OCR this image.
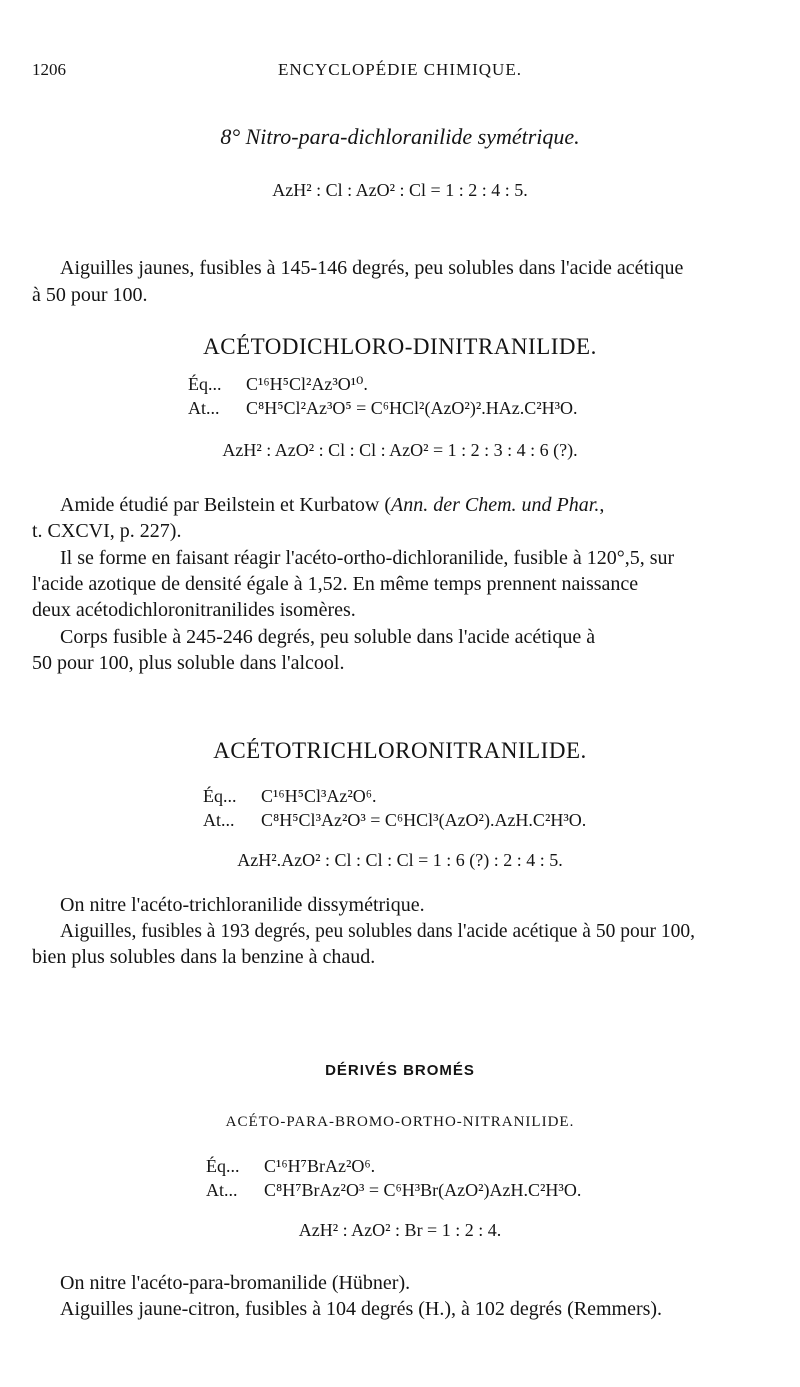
1206	ENCYCLOPÉDIE CHIMIQUE.
8° Nitro-para-dichloranilide symétrique.
AzH² : Cl : AzO² : Cl = 1 : 2 : 4 : 5.
Aiguilles jaunes, fusibles à 145-146 degrés, peu solubles dans l'acide acétique
à 50 pour 100.
ACÉTODICHLORO-DINITRANILIDE.
Éq... C¹⁶H⁵Cl²Az³O¹⁰.
At... C⁸H⁵Cl²Az³O⁵ = C⁶HCl²(AzO²)².HAz.C²H³O.
AzH² : AzO² : Cl : Cl : AzO² = 1 : 2 : 3 : 4 : 6 (?).
Amide étudié par Beilstein et Kurbatow (Ann. der Chem. und Phar.,
t. CXCVI, p. 227).
Il se forme en faisant réagir l'acéto-ortho-dichloranilide, fusible à 120°,5, sur
l'acide azotique de densité égale à 1,52. En même temps prennent naissance
deux acétodichloronitranilides isomères.
Corps fusible à 245-246 degrés, peu soluble dans l'acide acétique à
50 pour 100, plus soluble dans l'alcool.
ACÉTOTRICHLORONITRANILIDE.
Éq... C¹⁶H⁵Cl³Az²O⁶.
At... C⁸H⁵Cl³Az²O³ = C⁶HCl³(AzO²).AzH.C²H³O.
AzH².AzO² : Cl : Cl : Cl = 1 : 6 (?) : 2 : 4 : 5.
On nitre l'acéto-trichloranilide dissymétrique.
Aiguilles, fusibles à 193 degrés, peu solubles dans l'acide acétique à 50 pour 100,
bien plus solubles dans la benzine à chaud.
DÉRIVÉS BROMÉS
ACÉTO-PARA-BROMO-ORTHO-NITRANILIDE.
Éq... C¹⁶H⁷BrAz²O⁶.
At... C⁸H⁷BrAz²O³ = C⁶H³Br(AzO²)AzH.C²H³O.
AzH² : AzO² : Br = 1 : 2 : 4.
On nitre l'acéto-para-bromanilide (Hübner).
Aiguilles jaune-citron, fusibles à 104 degrés (H.), à 102 degrés (Remmers).
